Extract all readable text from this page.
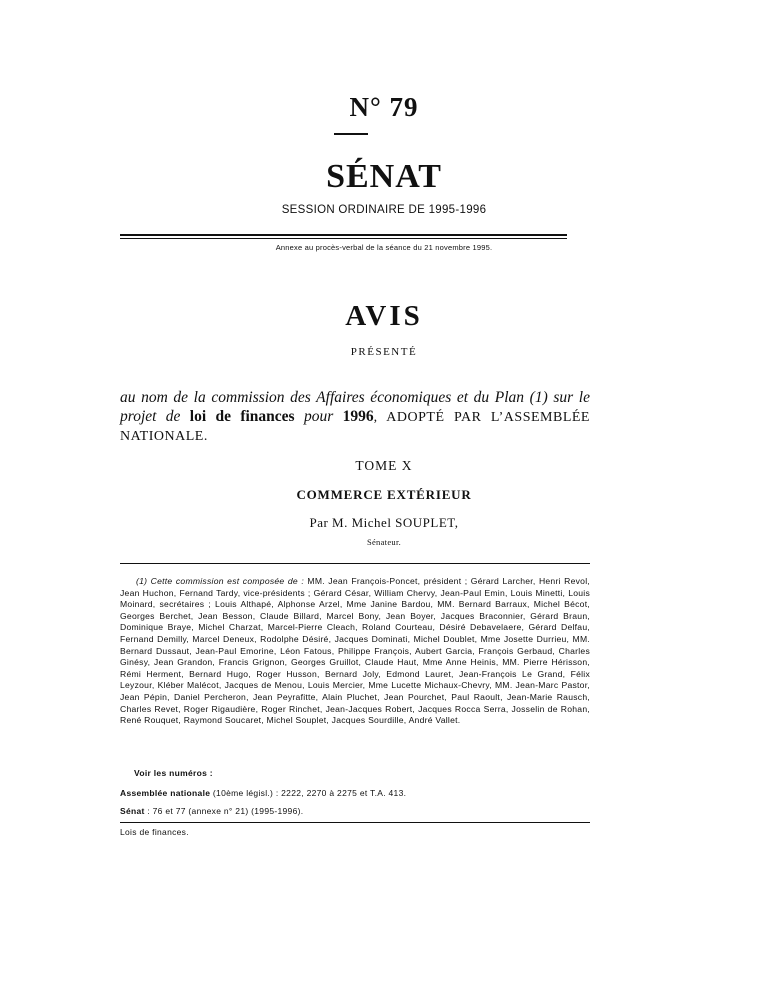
N° 79
SÉNAT
SESSION ORDINAIRE DE 1995-1996
Annexe au procès-verbal de la séance du 21 novembre 1995.
AVIS
PRÉSENTÉ
au nom de la commission des Affaires économiques et du Plan (1) sur le projet de loi de finances pour 1996, ADOPTÉ PAR L’ASSEMBLÉE NATIONALE.
TOME X
COMMERCE EXTÉRIEUR
Par M. Michel SOUPLET,
Sénateur.
(1) Cette commission est composée de : MM. Jean François-Poncet, président ; Gérard Larcher, Henri Revol, Jean Huchon, Fernand Tardy, vice-présidents ; Gérard César, William Chervy, Jean-Paul Emin, Louis Minetti, Louis Moinard, secrétaires ; Louis Althapé, Alphonse Arzel, Mme Janine Bardou, MM. Bernard Barraux, Michel Bécot, Georges Berchet, Jean Besson, Claude Billard, Marcel Bony, Jean Boyer, Jacques Braconnier, Gérard Braun, Dominique Braye, Michel Charzat, Marcel-Pierre Cleach, Roland Courteau, Désiré Debavelaere, Gérard Delfau, Fernand Demilly, Marcel Deneux, Rodolphe Désiré, Jacques Dominati, Michel Doublet, Mme Josette Durrieu, MM. Bernard Dussaut, Jean-Paul Emorine, Léon Fatous, Philippe François, Aubert Garcia, François Gerbaud, Charles Ginésy, Jean Grandon, Francis Grignon, Georges Gruillot, Claude Haut, Mme Anne Heinis, MM. Pierre Hérisson, Rémi Herment, Bernard Hugo, Roger Husson, Bernard Joly, Edmond Lauret, Jean-François Le Grand, Félix Leyzour, Kléber Malécot, Jacques de Menou, Louis Mercier, Mme Lucette Michaux-Chevry, MM. Jean-Marc Pastor, Jean Pépin, Daniel Percheron, Jean Peyrafitte, Alain Pluchet, Jean Pourchet, Paul Raoult, Jean-Marie Rausch, Charles Revet, Roger Rigaudière, Roger Rinchet, Jean-Jacques Robert, Jacques Rocca Serra, Josselin de Rohan, René Rouquet, Raymond Soucaret, Michel Souplet, Jacques Sourdille, André Vallet.
Voir les numéros :
Assemblée nationale (10ème législ.) : 2222, 2270 à 2275 et T.A. 413.
Sénat : 76 et 77 (annexe n° 21) (1995-1996).
Lois de finances.
